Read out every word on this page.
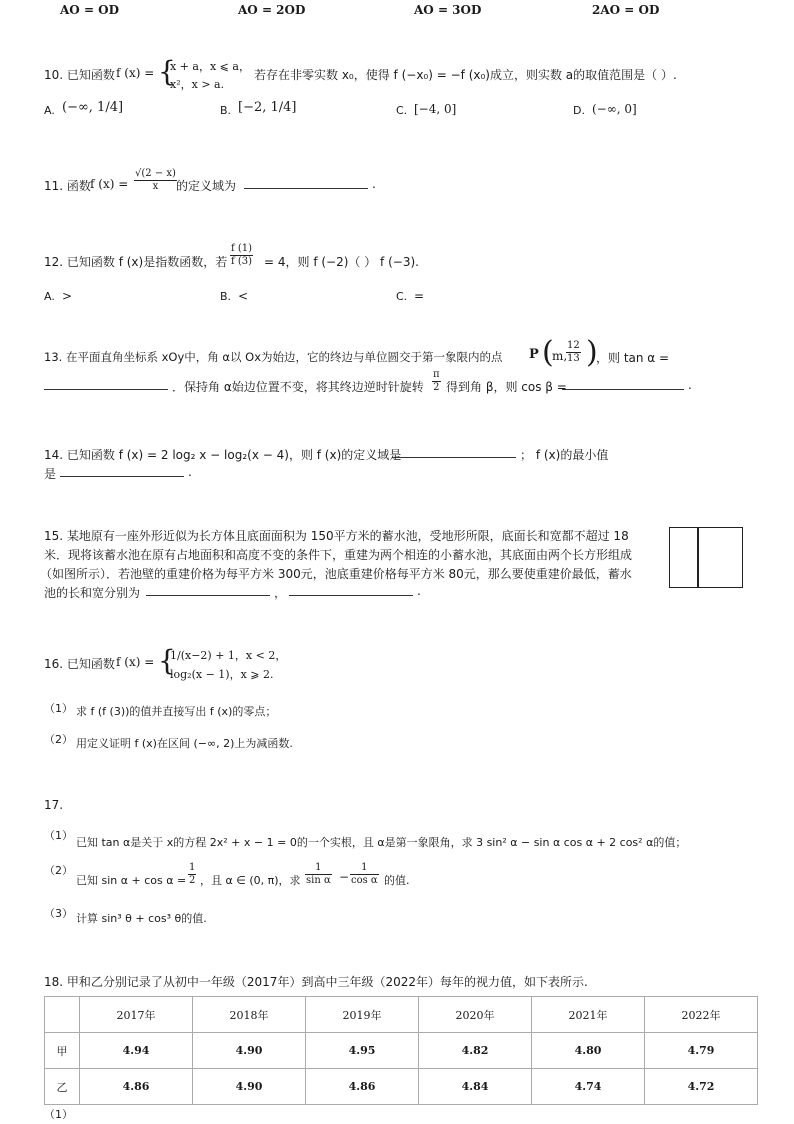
AO = OD	AO = 2OD	AO = 3OD	2AO = OD
10. 已知函数 f (x) = {
x + a，x ⩽ a，
x²，x > a.
若存在非零实数 x₀，使得 f (−x₀) = −f (x₀)成立，则实数 a的取值范围是（ ）.
A. (−∞, 1/4]	B. [−2, 1/4]	C. [−4, 0]	D. (−∞, 0]
11. 函数 f $(x) = \frac{√(2 - x)}{x}$ 的定义域为	.
12. 已知函数 f (x)是指数函数，若 $\frac{f (1)}{f (3)} = 4$，则 f (−2)（ ） f (−3).
A. >	B. <	C. =
13. 在平面直角坐标系 xOy中，角 α以 Ox为始边，它的终边与单位圆交于第一象限内的点 P (
m,
$\frac{12}{13}$ )
，则 tan α =
．保持角 α始边位置不变，将其终边逆时针旋转 $\frac{\pi}{2}$ 得到角 β，则 cos β =	.
14. 已知函数 f (x) = 2 log₂ x − log₂(x − 4)，则 f (x)的定义域是	； f (x)的最小值
是	.
15. 某地原有一座外形近似为长方体且底面面积为 150平方米的蓄水池，受地形所限，底面长和宽都不超过 18
米．现将该蓄水池在原有占地面积和高度不变的条件下，重建为两个相连的小蓄水池，其底面由两个长方形组成
（如图所示）．若池壁的重建价格为每平方米 300元，池底重建价格每平方米 80元，那么要使重建价最低，蓄水
池的长和宽分别为	，	.
16. 已知函数 f (x) = {
1/(x−2) + 1，x < 2，
log₂(x − 1)，x ⩾ 2.
（1） 求 f (f (3))的值并直接写出 f (x)的零点；
（2） 用定义证明 f (x)在区间 (−∞, 2)上为减函数.
17.
（1）
已知 tan α是关于 x的方程 2x² + x − 1 = 0的一个实根，且 α是第一象限角，求 3 sin² α − sin α cos α + 2 cos² α的值；
（2）
已知 $\sin \alpha + \cos \alpha = \frac{1}{2}$ ，且 α ∈ (0, π)，求 $\frac{1}{\text{sin α}} - \frac{1}{\text{cos α}}$ 的值.
（3） 计算 sin³ θ + cos³ θ的值.
18. 甲和乙分别记录了从初中一年级（2017年）到高中三年级（2022年）每年的视力值，如下表所示.
	2017年	2018年	2019年	2020年	2021年	2022年
甲	4.94	4.90	4.95	4.82	4.80	4.79
乙	4.86	4.90	4.86	4.84	4.74	4.72
（1）
